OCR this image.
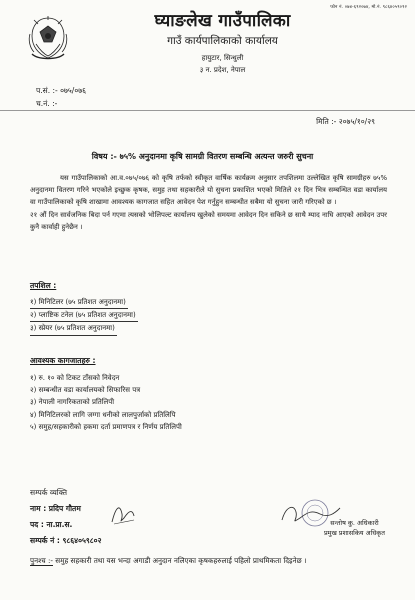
फोन नं. ०७४-६९२०७४, मो.नं. ९८६४०५९०९२
घ्याङलेख गाउँपालिका
गाउँ कार्यपालिकाको कार्यालय
हायुटार, सिन्धुली
३ न. प्रदेश, नेपाल
प.सं. :- ०७५/०७६
च.नं. :-
मिति :- २०७५/१०/२९
विषय :- ७५% अनुदानमा कृषि सामग्री वितरण सम्बन्धि अत्यन्त जरुरी सुचना

यस गाउँपालिकाको आ.व.०७५/०७६ को कृषि तर्फको स्वीकृत वार्षिक कार्यक्रम अनुसार तपशिलमा उल्लेखित कृषि सामग्रीहरु ७५% अनुदानमा वितरण गरिने भएकोले इच्छुक कृषक, समुह तथा सहकारीले यो सुचना प्रकाशित भएको मितिले २१ दिन भित्र सम्बन्धित वडा कार्यालय वा गाउँपालिकाको कृषि शाखामा आवश्यक कागजात सहित आवेदन पेश गर्नुहुन सम्बन्धीत सबैमा यो सुचना जारी गरिएको छ ।

२१ औं दिन सार्वजनिक बिदा पर्न गएमा त्यसको भोलिपल्ट कार्यालय खुलेको समयमा आवेदन दिन सकिने छ साथै म्याद नाघि आएको आवेदन उपर कुनै कार्वाही हुनेछैन ।

तपशिल :
१) मिनिटिलर (७५ प्रतिशत अनुदानमा)
२) प्लाष्टिक टनेल (७५ प्रतिशत अनुदानमा)
३) स्प्रेयर (७५ प्रतिशत अनुदानमा)
आवश्यक कागजातहरु :
१) रु. १० को टिकट टाँसको निवेदन
२) सम्बन्धीत वडा कार्यालयको सिफारिस पत्र
३) नेपाली नागरिकताको प्रतिलिपी
४) मिनिटिलरको लागि जग्गा धनीको लालपुर्जाको प्रतिलिपि
५) समुह/सहकारीको हकमा दर्ता प्रमाणपत्र र निर्णय प्रतिलिपी
सम्पर्क व्यक्ति
नाम : प्रदिप गौतम
पद : ना.प्रा.स.
सम्पर्क नं : ९८६४०५९८०२
सन्तोष कु. अधिकारी
प्रमुख प्रशासकिय अधिकृत
पुनश्च :- समुह सहकारी तथा यस भन्दा अगाडी अनुदान नलिएका कृषकहरुलाई पहिलो प्राथमिकता दिइनेछ ।
